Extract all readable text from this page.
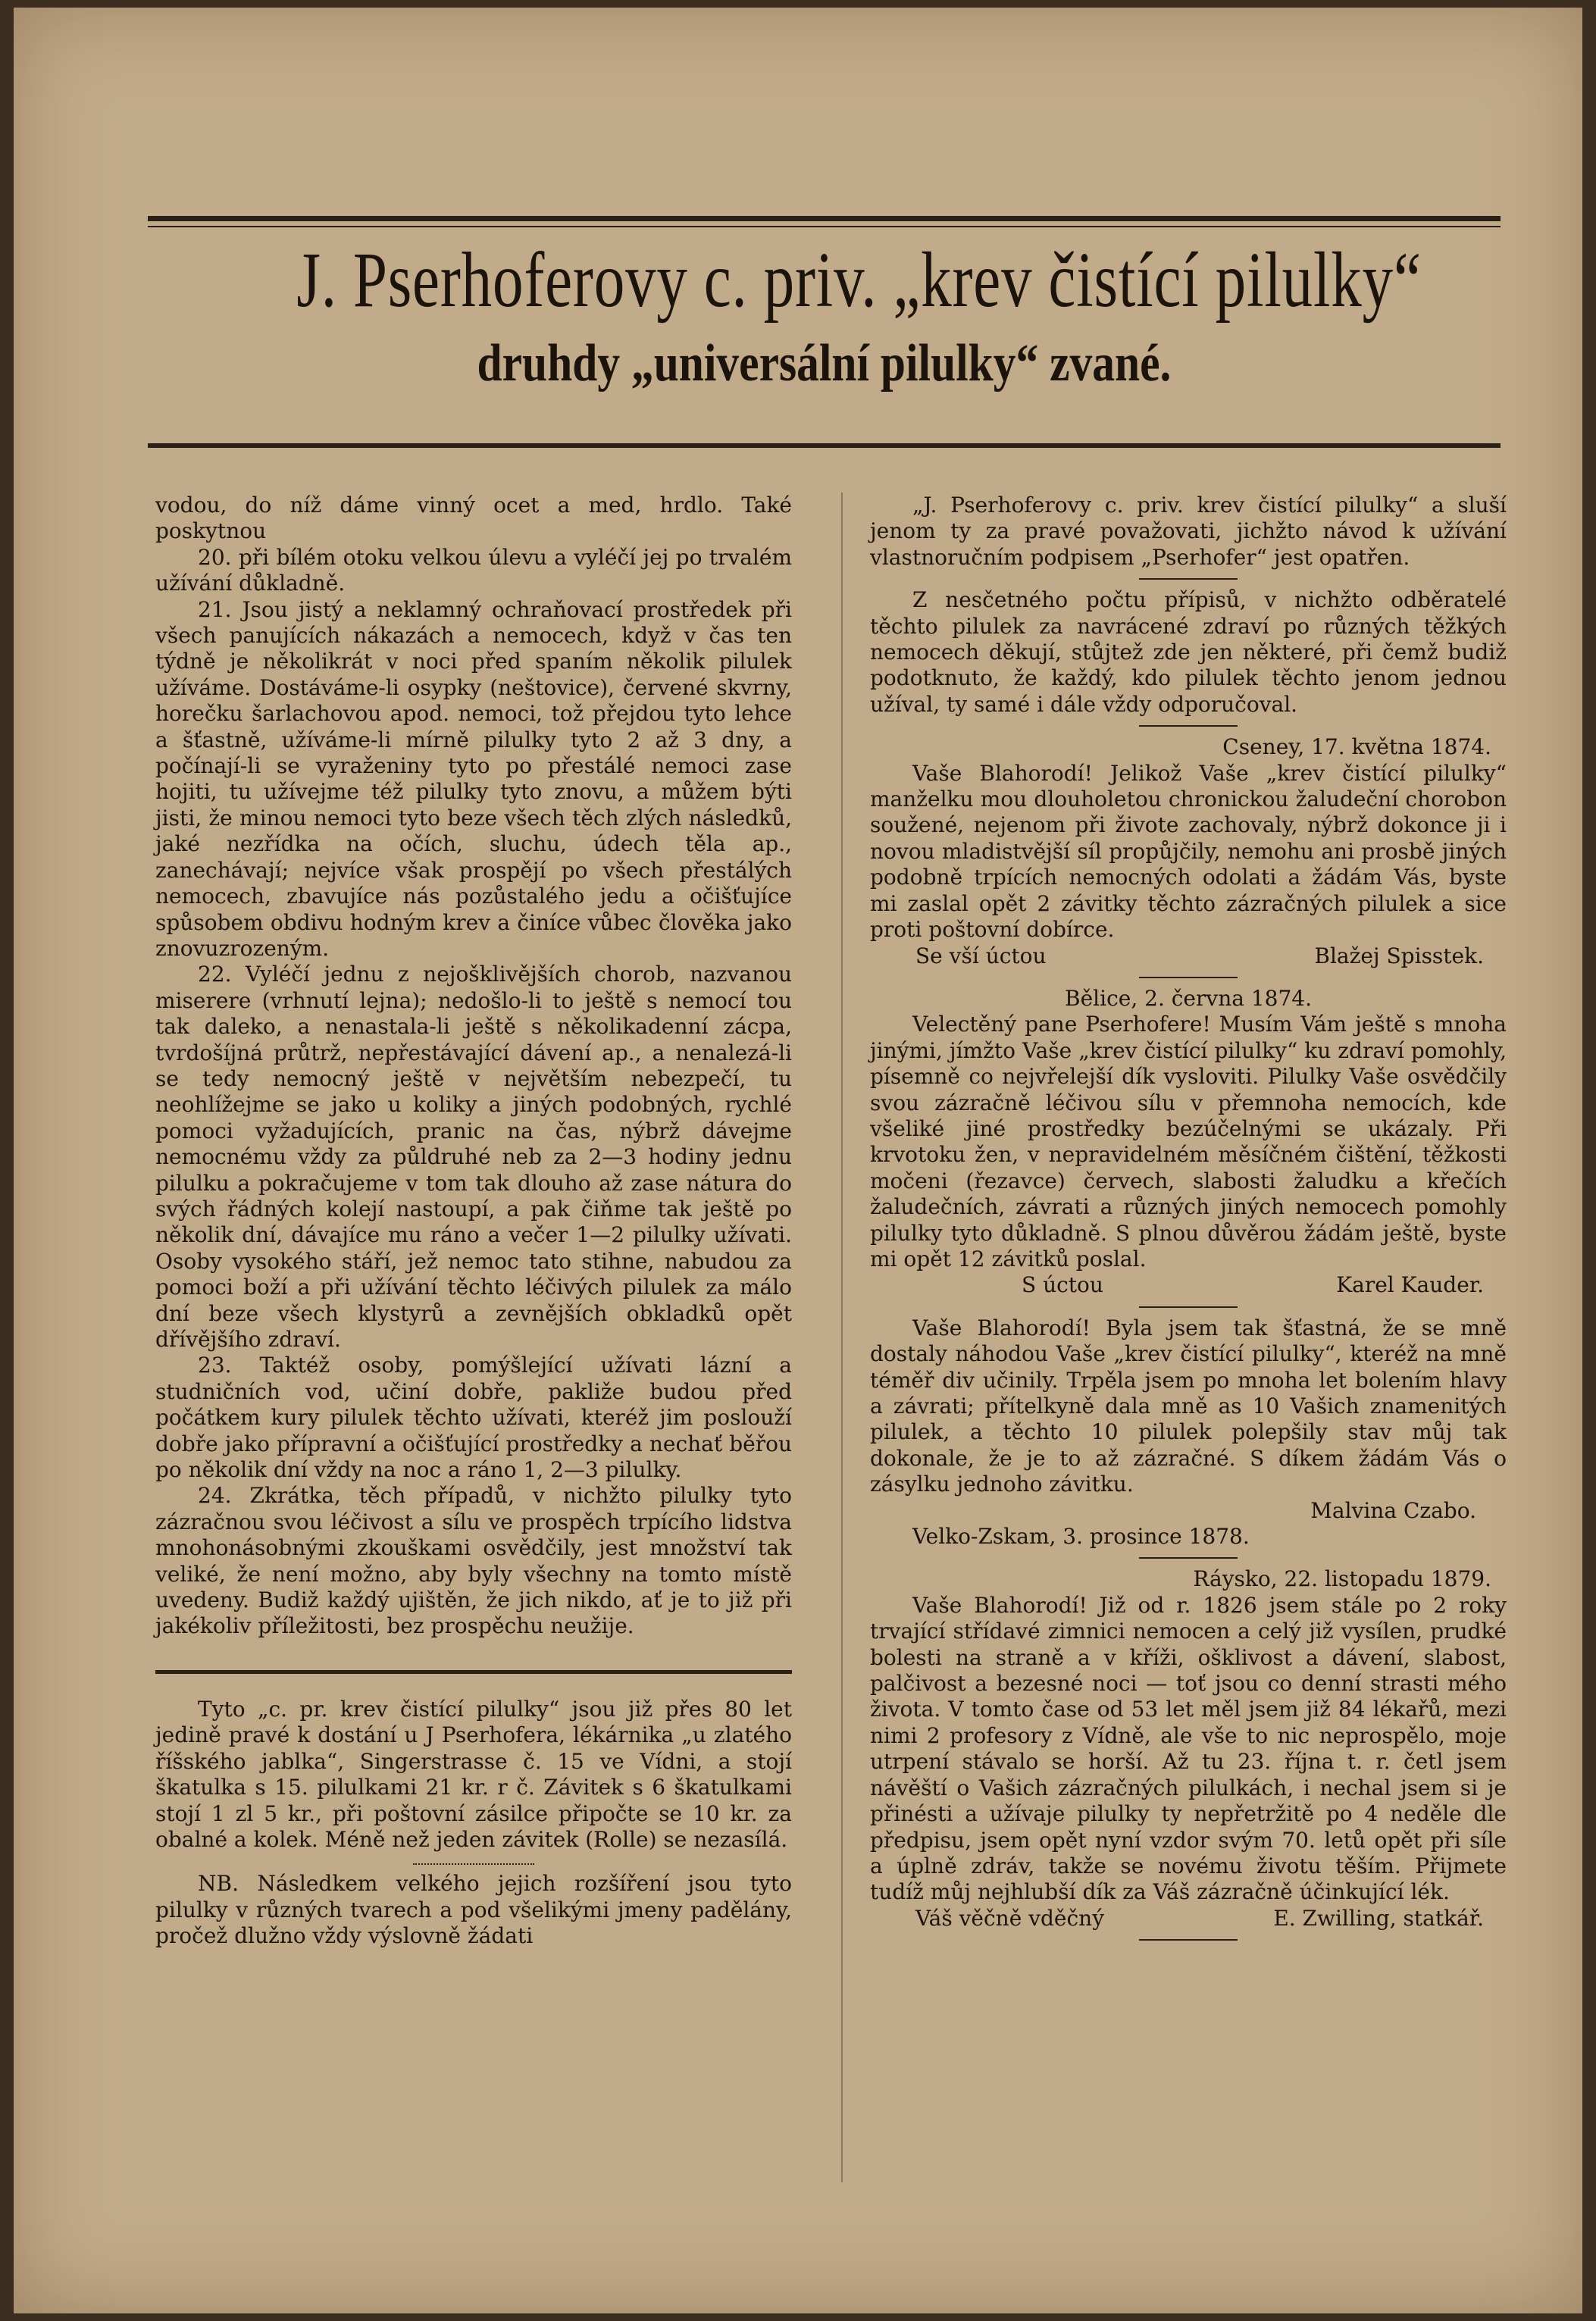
J. Pserhoferovy c. priv. „krev čistící pilulky“
druhdy „universální pilulky“ zvané.

vodou, do níž dáme vinný ocet a med, hrdlo. Také poskytnou

20. při bílém otoku velkou úlevu a vyléčí jej po trvalém užívání důkladně.

21. Jsou jistý a neklamný ochraňovací prostředek při všech panujících nákazách a nemocech, když v čas ten týdně je několikrát v noci před spaním několik pilulek užíváme. Dostáváme-li osypky (neštovice), červené skvrny, horečku šarlachovou apod. nemoci, tož přejdou tyto lehce a šťastně, užíváme-li mírně pilulky tyto 2 až 3 dny, a počínají-li se vyraženiny tyto po přestálé nemoci zase hojiti, tu užívejme též pilulky tyto znovu, a můžem býti jisti, že minou nemoci tyto beze všech těch zlých následků, jaké nezřídka na očích, sluchu, údech těla ap., zanechávají; nejvíce však prospějí po všech přestálých nemocech, zbavujíce nás pozůstalého jedu a očišťujíce spůsobem obdivu hodným krev a činíce vůbec člověka jako znovuzrozeným.

22. Vyléčí jednu z nejošklivějších chorob, nazvanou miserere (vrhnutí lejna); nedošlo-li to ještě s nemocí tou tak daleko, a nenastala-li ještě s několikadenní zácpa, tvrdošíjná průtrž, nepřestávající dávení ap., a nenalezá-li se tedy nemocný ještě v největším nebezpečí, tu neohlížejme se jako u koliky a jiných podobných, rychlé pomoci vyžadujících, pranic na čas, nýbrž dávejme nemocnému vždy za půldruhé neb za 2—3 hodiny jednu pilulku a pokračujeme v tom tak dlouho až zase nátura do svých řádných kolejí nastoupí, a pak čiňme tak ještě po několik dní, dávajíce mu ráno a večer 1—2 pilulky užívati. Osoby vysokého stáří, jež nemoc tato stihne, nabudou za pomoci boží a při užívání těchto léčivých pilulek za málo dní beze všech klystyrů a zevnějších obkladků opět dřívějšího zdraví.

23. Taktéž osoby, pomýšlející užívati lázní a studničních vod, učiní dobře, pakliže budou před počátkem kury pilulek těchto užívati, kteréž jim poslouží dobře jako přípravní a očišťující prostředky a nechať běřou po několik dní vždy na noc a ráno 1, 2—3 pilulky.

24. Zkrátka, těch případů, v nichžto pilulky tyto zázračnou svou léčivost a sílu ve prospěch trpícího lidstva mnohonásobnými zkouškami osvědčily, jest množství tak veliké, že není možno, aby byly všechny na tomto místě uvedeny. Budiž každý ujištěn, že jich nikdo, ať je to již při jakékoliv příležitosti, bez prospěchu neužije.

Tyto „c. pr. krev čistící pilulky“ jsou již přes 80 let jedině pravé k dostání u J Pserhofera, lékárnika „u zlatého říšského jablka“, Singerstrasse č. 15 ve Vídni, a stojí škatulka s 15. pilulkami 21 kr. r č. Závitek s 6 škatulkami stojí 1 zl 5 kr., při poštovní zásilce připočte se 10 kr. za obalné a kolek. Méně než jeden závitek (Rolle) se nezasílá.

NB. Následkem velkého jejich rozšíření jsou tyto pilulky v různých tvarech a pod všelikými jmeny padělány, pročež dlužno vždy výslovně žádati

„J. Pserhoferovy c. priv. krev čistící pilulky“ a sluší jenom ty za pravé považovati, jichžto návod k užívání vlastnoručním podpisem „Pserhofer“ jest opatřen.

Z nesčetného počtu přípisů, v nichžto odběratelé těchto pilulek za navrácené zdraví po různých těžkých nemocech děkují, stůjtež zde jen některé, při čemž budiž podotknuto, že každý, kdo pilulek těchto jenom jednou užíval, ty samé i dále vždy odporučoval.

Cseney, 17. května 1874.

Vaše Blahorodí! Jelikož Vaše „krev čistící pilulky“ manželku mou dlouholetou chronickou žaludeční chorobon soužené, nejenom při živote zachovaly, nýbrž dokonce ji i novou mladistvější síl propůjčily, nemohu ani prosbě jiných podobně trpících nemocných odolati a žádám Vás, byste mi zaslal opět 2 závitky těchto zázračných pilulek a sice proti poštovní dobírce.

Se vší úctou	Blažej Spisstek.

Bělice, 2. června 1874.

Velectěný pane Pserhofere! Musím Vám ještě s mnoha jinými, jímžto Vaše „krev čistící pilulky“ ku zdraví pomohly, písemně co nejvřelejší dík vysloviti. Pilulky Vaše osvědčily svou zázračně léčivou sílu v přemnoha nemocích, kde všeliké jiné prostředky bezúčelnými se ukázaly. Při krvotoku žen, v nepravidelném měsíčném čištění, těžkosti močeni (řezavce) červech, slabosti žaludku a křečích žaludečních, závrati a různých jiných nemocech pomohly pilulky tyto důkladně. S plnou důvěrou žádám ještě, byste mi opět 12 závitků poslal.

S úctou	Karel Kauder.

Vaše Blahorodí! Byla jsem tak šťastná, že se mně dostaly náhodou Vaše „krev čistící pilulky“, kteréž na mně téměř div učinily. Trpěla jsem po mnoha let bolením hlavy a závrati; přítelkyně dala mně as 10 Vašich znamenitých pilulek, a těchto 10 pilulek polepšily stav můj tak dokonale, že je to až zázračné. S díkem žádám Vás o zásylku jednoho závitku.

Malvina Czabo.

Velko-Zskam, 3. prosince 1878.

Ráysko, 22. listopadu 1879.

Vaše Blahorodí! Již od r. 1826 jsem stále po 2 roky trvající střídavé zimnici nemocen a celý již vysílen, prudké bolesti na straně a v kříži, ošklivost a dávení, slabost, palčivost a bezesné noci — toť jsou co denní strasti mého života. V tomto čase od 53 let měl jsem již 84 lékařů, mezi nimi 2 profesory z Vídně, ale vše to nic neprospělo, moje utrpení stávalo se horší. Až tu 23. října t. r. četl jsem návěští o Vašich zázračných pilulkách, i nechal jsem si je přinésti a užívaje pilulky ty nepřetržitě po 4 neděle dle předpisu, jsem opět nyní vzdor svým 70. letů opět při síle a úplně zdráv, takže se novému životu těším. Přijmete tudíž můj nejhlubší dík za Váš zázračně účinkující lék.

Váš věčně vděčný	E. Zwilling, statkář.
